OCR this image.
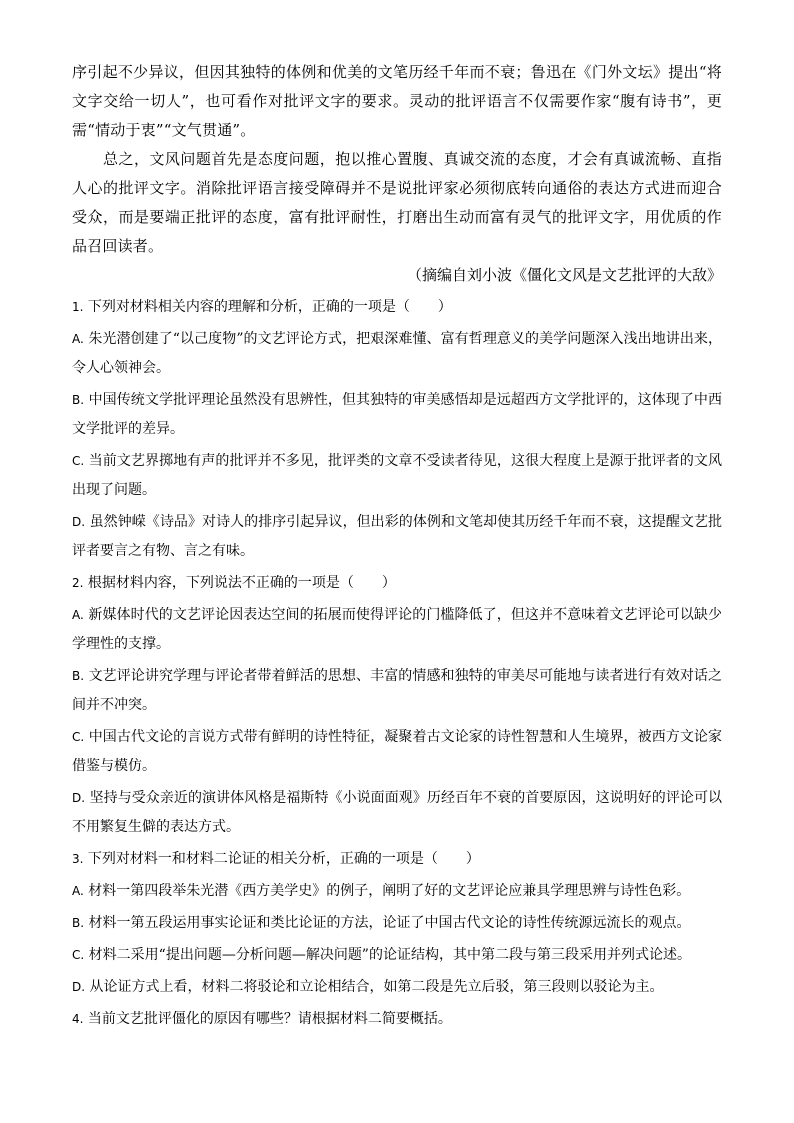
序引起不少异议，但因其独特的体例和优美的文笔历经千年而不衰；鲁迅在《门外文坛》提出“将文字交给一切人”，也可看作对批评文字的要求。灵动的批评语言不仅需要作家“腹有诗书”，更需“情动于衷”“文气贯通”。

总之，文风问题首先是态度问题，抱以推心置腹、真诚交流的态度，才会有真诚流畅、直指人心的批评文字。消除批评语言接受障碍并不是说批评家必须彻底转向通俗的表达方式进而迎合受众，而是要端正批评的态度，富有批评耐性，打磨出生动而富有灵气的批评文字，用优质的作品召回读者。

（摘编自刘小波《僵化文风是文艺批评的大敌》

1. 下列对材料相关内容的理解和分析，正确的一项是（　　）

A. 朱光潜创建了“以己度物”的文艺评论方式，把艰深难懂、富有哲理意义的美学问题深入浅出地讲出来，令人心领神会。

B. 中国传统文学批评理论虽然没有思辨性，但其独特的审美感悟却是远超西方文学批评的，这体现了中西文学批评的差异。

C. 当前文艺界掷地有声的批评并不多见，批评类的文章不受读者待见，这很大程度上是源于批评者的文风出现了问题。

D. 虽然钟嵘《诗品》对诗人的排序引起异议，但出彩的体例和文笔却使其历经千年而不衰，这提醒文艺批评者要言之有物、言之有味。

2. 根据材料内容，下列说法不正确的一项是（　　）

A. 新媒体时代的文艺评论因表达空间的拓展而使得评论的门槛降低了，但这并不意味着文艺评论可以缺少学理性的支撑。

B. 文艺评论讲究学理与评论者带着鲜活的思想、丰富的情感和独特的审美尽可能地与读者进行有效对话之间并不冲突。

C. 中国古代文论的言说方式带有鲜明的诗性特征，凝聚着古文论家的诗性智慧和人生境界，被西方文论家借鉴与模仿。

D. 坚持与受众亲近的演讲体风格是福斯特《小说面面观》历经百年不衰的首要原因，这说明好的评论可以不用繁复生僻的表达方式。

3. 下列对材料一和材料二论证的相关分析，正确的一项是（　　）

A. 材料一第四段举朱光潜《西方美学史》的例子，阐明了好的文艺评论应兼具学理思辨与诗性色彩。

B. 材料一第五段运用事实论证和类比论证的方法，论证了中国古代文论的诗性传统源远流长的观点。

C. 材料二采用“提出问题—分析问题—解决问题”的论证结构，其中第二段与第三段采用并列式论述。

D. 从论证方式上看，材料二将驳论和立论相结合，如第二段是先立后驳，第三段则以驳论为主。

4. 当前文艺批评僵化的原因有哪些？请根据材料二简要概括。
